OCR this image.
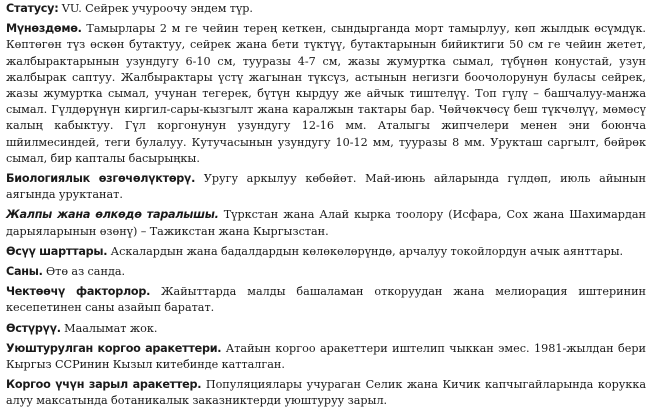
Статусу: VU. Сейрек учуроочу эндем түр.

Мүнөздөмө. Тамырлары 2 м ге чейин терең кеткен, сындырганда морт тамырлуу, көп жылдык өсүмдүк. Көптөгөн түз өскөн бутактуу, сейрек жана бети түктүү, бутактарынын бийиктиги 50 см ге чейин жетет, жалбырактарынын узундугу 6-10 см, тууразы 4-7 см, жазы жумуртка сымал, түбүнөн конустай, узун жалбырак саптуу. Жалбырактары үстү жагынан түксүз, астынын негизги боочолорунун буласы сейрек, жазы жумуртка сымал, учунан тегерек, бүтүн кырдуу же айчык тиштелүү. Топ гүлү – башчалуу-манжа сымал. Гүлдөрүнүн киргил-сары-кызгылт жана каралжын тактары бар. Чөйчөкчөсү беш түкчөлүү, мөмөсү калың кабыктуу. Гүл коргонунун узундугу 12-16 мм. Аталыгы жипчелери менен эни боюнча шйилмесиндей, теги булалуу. Кутучасынын узундугу 10-12 мм, тууразы 8 мм. Урукташ саргылт, бөйрөк сымал, бир капталы басырыңкы.

Биологиялык өзгөчөлүктөрү. Уругу аркылуу көбөйөт. Май-июнь айларында гүлдөп, июль айынын аягында уруктанат.

Жалпы жана өлкөдө таралышы. Түркстан жана Алай кырка тоолору (Исфара, Сох жана Шахимардан дарыяларынын өзөнү) – Тажикстан жана Кыргызстан.

Өсүү шарттары. Аскалардын жана бадалдардын көлөкөлөрүндө, арчалуу токойлордун ачык аянттары.

Саны. Өтө аз санда.

Чектөөчү факторлор. Жайыттарда малды башаламан откоруудан жана мелиорация иштеринин кесепетинен саны азайып баратат.

Өстүрүү. Маалымат жок.

Уюштурулган коргоо аракеттери. Атайын коргоо аракеттери иштелип чыккан эмес. 1981-жылдан бери Кыргыз ССРинин Кызыл китебинде катталган.

Коргоо үчүн зарыл аракеттер. Популяциялары учураган Селик жана Кичик капчыгайларында корукка алуу максатында ботаникалык заказниктерди уюштуруу зарыл.
